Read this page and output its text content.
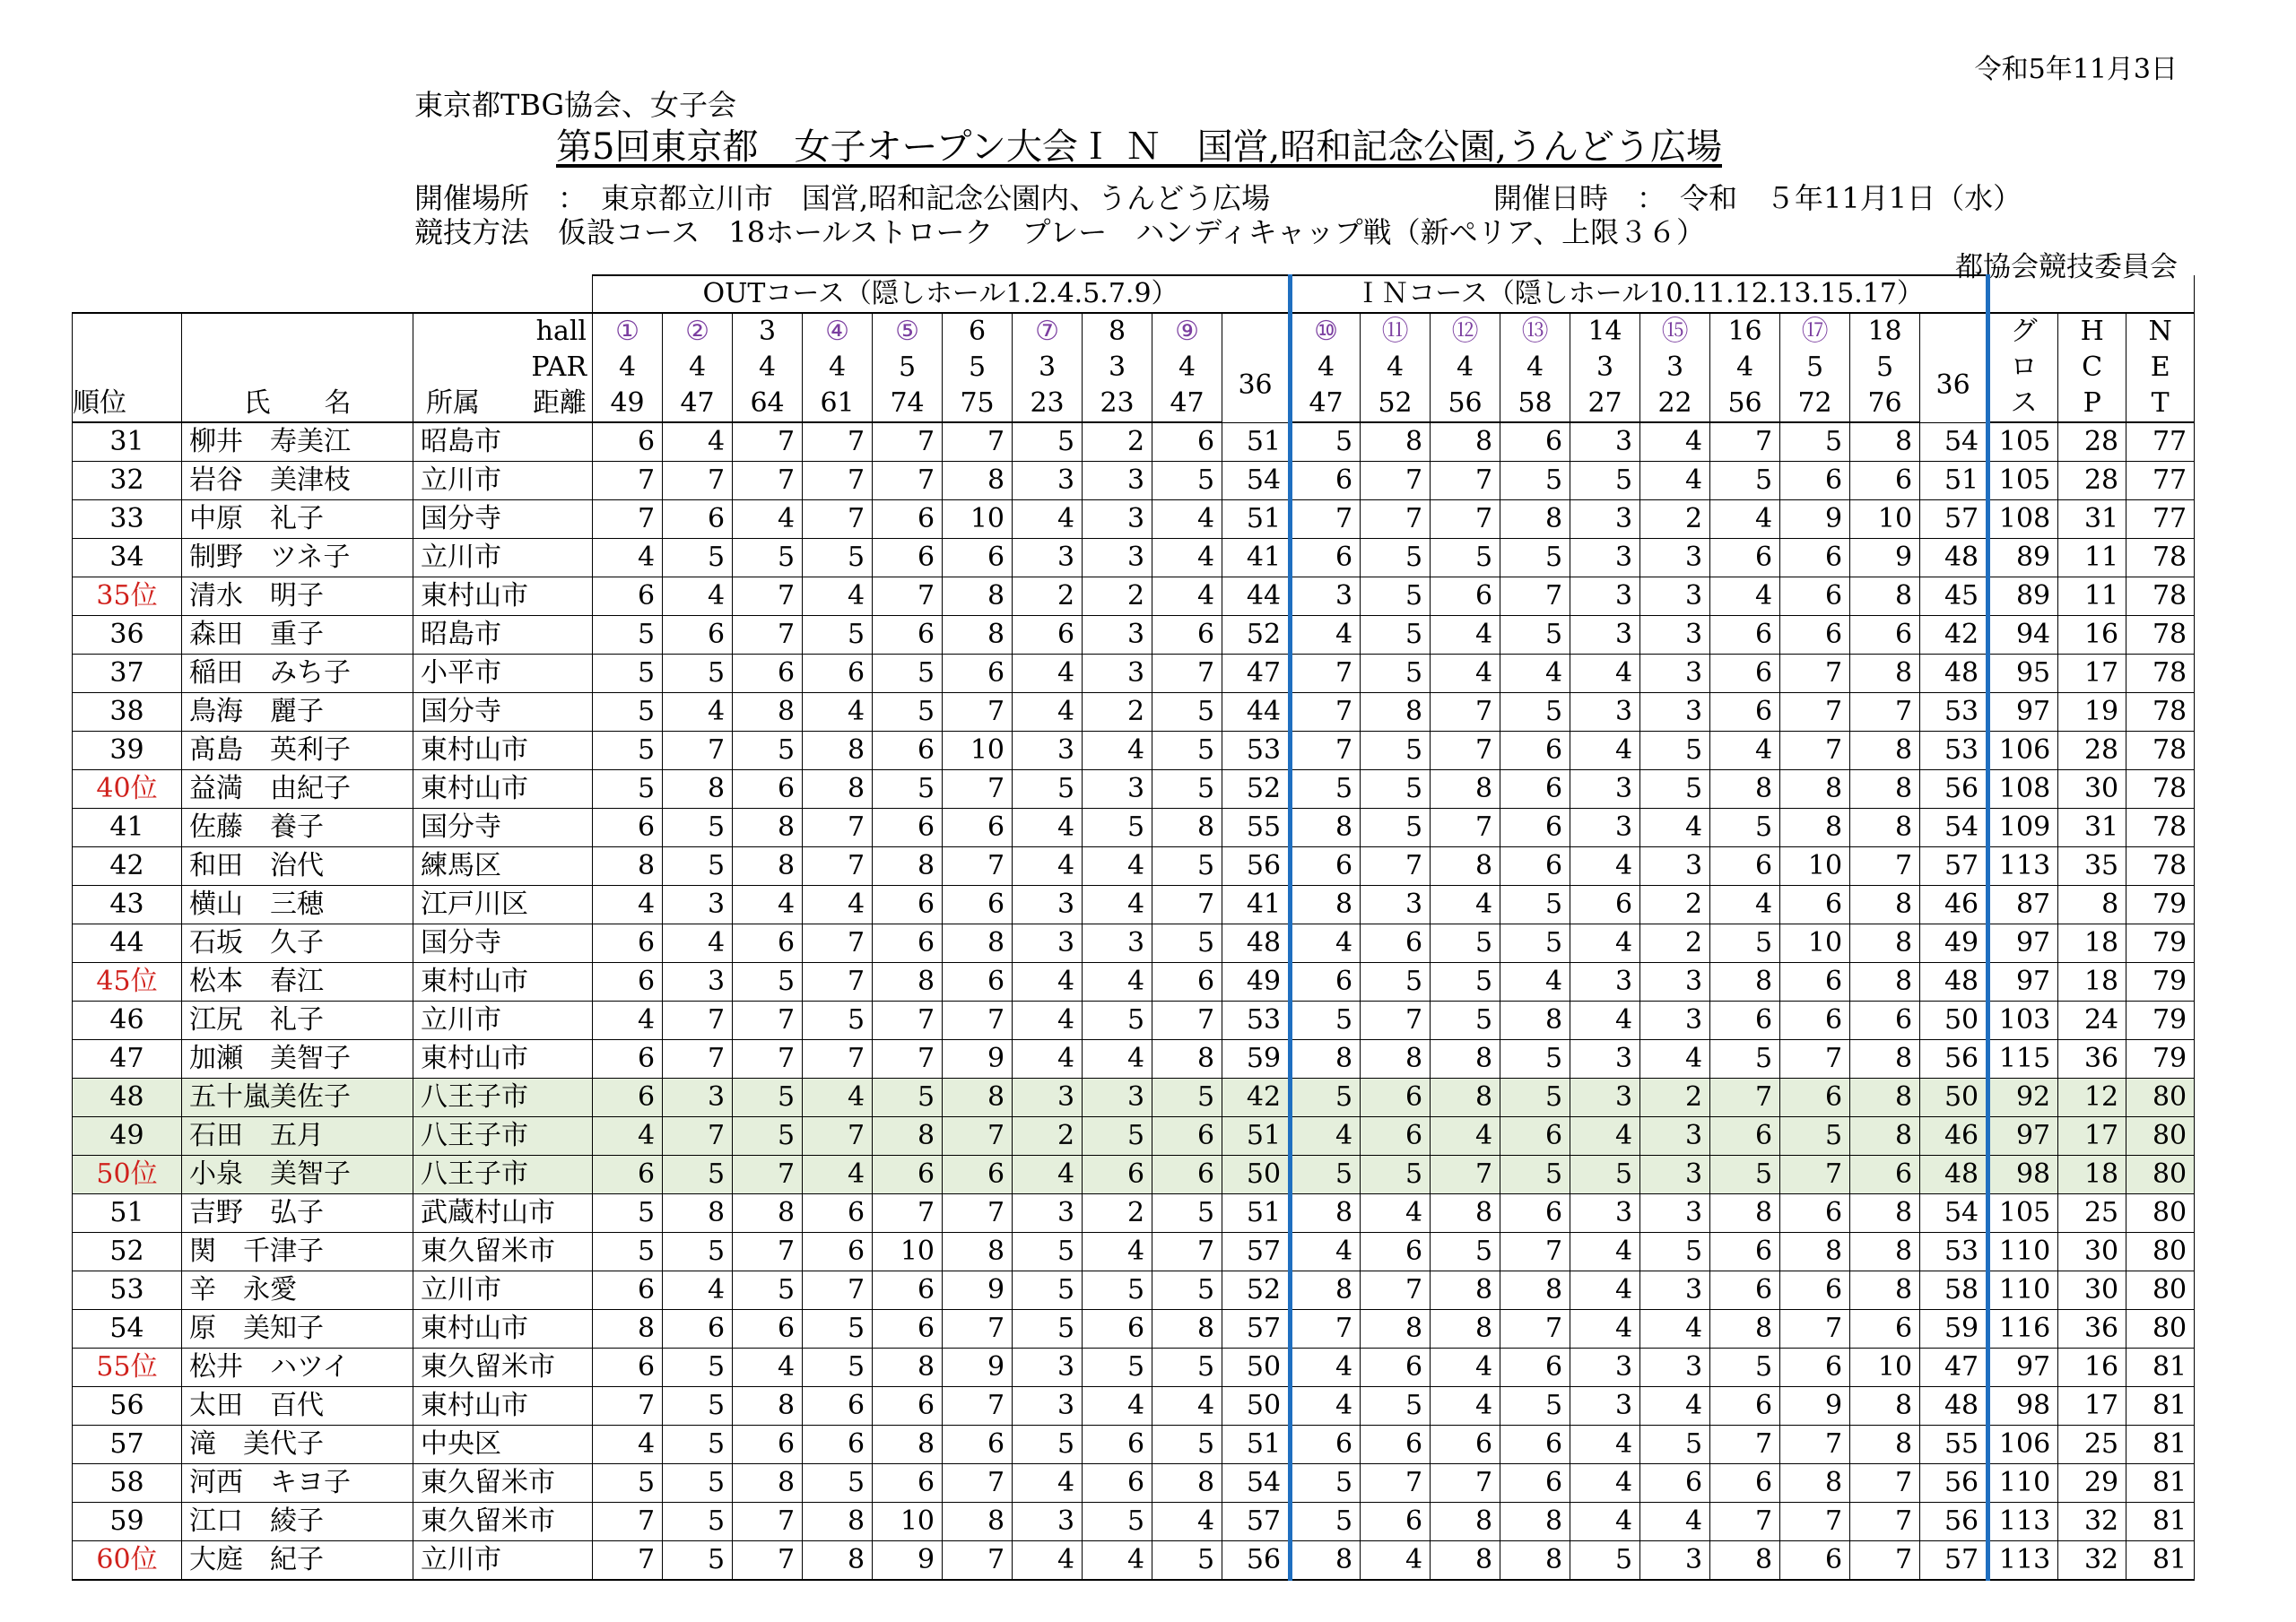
令和5年11月3日
東京都TBG協会、女子会
第5回東京都　女子オープン大会Ｉ Ｎ　国営,昭和記念公園,うんどう広場
開催場所　：　東京都立川市　国営,昭和記念公園内、うんどう広場	開催日時　：　令和　５年11月1日（水）
競技方法　仮設コース　18ホールストローク　プレー　ハンディキャップ戦（新ペリア、上限３６）
都協会競技委員会
			OUTコース（隠しホール1.2.4.5.7.9）										ＩＮコース（隠しホール10.11.12.13.15.17）												
		hall	①	②	3	④	⑤	6	⑦	8	⑨		⑩	⑪	⑫	⑬	14	⑮	16	⑰	18		グ	H	N
		PAR	4	4	4	4	5	5	3	3	4	36	4	4	4	4	3	3	4	5	5	36	ロ	C	E
順位	氏　　名	所属 距離	49	47	64	61	74	75	23	23	47		47	52	56	58	27	22	56	72	76		ス	P	T
31	柳井　寿美江	昭島市	6	4	7	7	7	7	5	2	6	51	5	8	8	6	3	4	7	5	8	54	105	28	77
32	岩谷　美津枝	立川市	7	7	7	7	7	8	3	3	5	54	6	7	7	5	5	4	5	6	6	51	105	28	77
33	中原　礼子	国分寺	7	6	4	7	6	10	4	3	4	51	7	7	7	8	3	2	4	9	10	57	108	31	77
34	制野　ツネ子	立川市	4	5	5	5	6	6	3	3	4	41	6	5	5	5	3	3	6	6	9	48	89	11	78
35位	清水　明子	東村山市	6	4	7	4	7	8	2	2	4	44	3	5	6	7	3	3	4	6	8	45	89	11	78
36	森田　重子	昭島市	5	6	7	5	6	8	6	3	6	52	4	5	4	5	3	3	6	6	6	42	94	16	78
37	稲田　みち子	小平市	5	5	6	6	5	6	4	3	7	47	7	5	4	4	4	3	6	7	8	48	95	17	78
38	鳥海　麗子	国分寺	5	4	8	4	5	7	4	2	5	44	7	8	7	5	3	3	6	7	7	53	97	19	78
39	髙島　英利子	東村山市	5	7	5	8	6	10	3	4	5	53	7	5	7	6	4	5	4	7	8	53	106	28	78
40位	益満　由紀子	東村山市	5	8	6	8	5	7	5	3	5	52	5	5	8	6	3	5	8	8	8	56	108	30	78
41	佐藤　養子	国分寺	6	5	8	7	6	6	4	5	8	55	8	5	7	6	3	4	5	8	8	54	109	31	78
42	和田　治代	練馬区	8	5	8	7	8	7	4	4	5	56	6	7	8	6	4	3	6	10	7	57	113	35	78
43	横山　三穂	江戸川区	4	3	4	4	6	6	3	4	7	41	8	3	4	5	6	2	4	6	8	46	87	8	79
44	石坂　久子	国分寺	6	4	6	7	6	8	3	3	5	48	4	6	5	5	4	2	5	10	8	49	97	18	79
45位	松本　春江	東村山市	6	3	5	7	8	6	4	4	6	49	6	5	5	4	3	3	8	6	8	48	97	18	79
46	江尻　礼子	立川市	4	7	7	5	7	7	4	5	7	53	5	7	5	8	4	3	6	6	6	50	103	24	79
47	加瀬　美智子	東村山市	6	7	7	7	7	9	4	4	8	59	8	8	8	5	3	4	5	7	8	56	115	36	79
48	五十嵐美佐子	八王子市	6	3	5	4	5	8	3	3	5	42	5	6	8	5	3	2	7	6	8	50	92	12	80
49	石田　五月	八王子市	4	7	5	7	8	7	2	5	6	51	4	6	4	6	4	3	6	5	8	46	97	17	80
50位	小泉　美智子	八王子市	6	5	7	4	6	6	4	6	6	50	5	5	7	5	5	3	5	7	6	48	98	18	80
51	吉野　弘子	武蔵村山市	5	8	8	6	7	7	3	2	5	51	8	4	8	6	3	3	8	6	8	54	105	25	80
52	関　千津子	東久留米市	5	5	7	6	10	8	5	4	7	57	4	6	5	7	4	5	6	8	8	53	110	30	80
53	辛　永愛	立川市	6	4	5	7	6	9	5	5	5	52	8	7	8	8	4	3	6	6	8	58	110	30	80
54	原　美知子	東村山市	8	6	6	5	6	7	5	6	8	57	7	8	8	7	4	4	8	7	6	59	116	36	80
55位	松井　ハツイ	東久留米市	6	5	4	5	8	9	3	5	5	50	4	6	4	6	3	3	5	6	10	47	97	16	81
56	太田　百代	東村山市	7	5	8	6	6	7	3	4	4	50	4	5	4	5	3	4	6	9	8	48	98	17	81
57	滝　美代子	中央区	4	5	6	6	8	6	5	6	5	51	6	6	6	6	4	5	7	7	8	55	106	25	81
58	河西　キヨ子	東久留米市	5	5	8	5	6	7	4	6	8	54	5	7	7	6	4	6	6	8	7	56	110	29	81
59	江口　綾子	東久留米市	7	5	7	8	10	8	3	5	4	57	5	6	8	8	4	4	7	7	7	56	113	32	81
60位	大庭　紀子	立川市	7	5	7	8	9	7	4	4	5	56	8	4	8	8	5	3	8	6	7	57	113	32	81
